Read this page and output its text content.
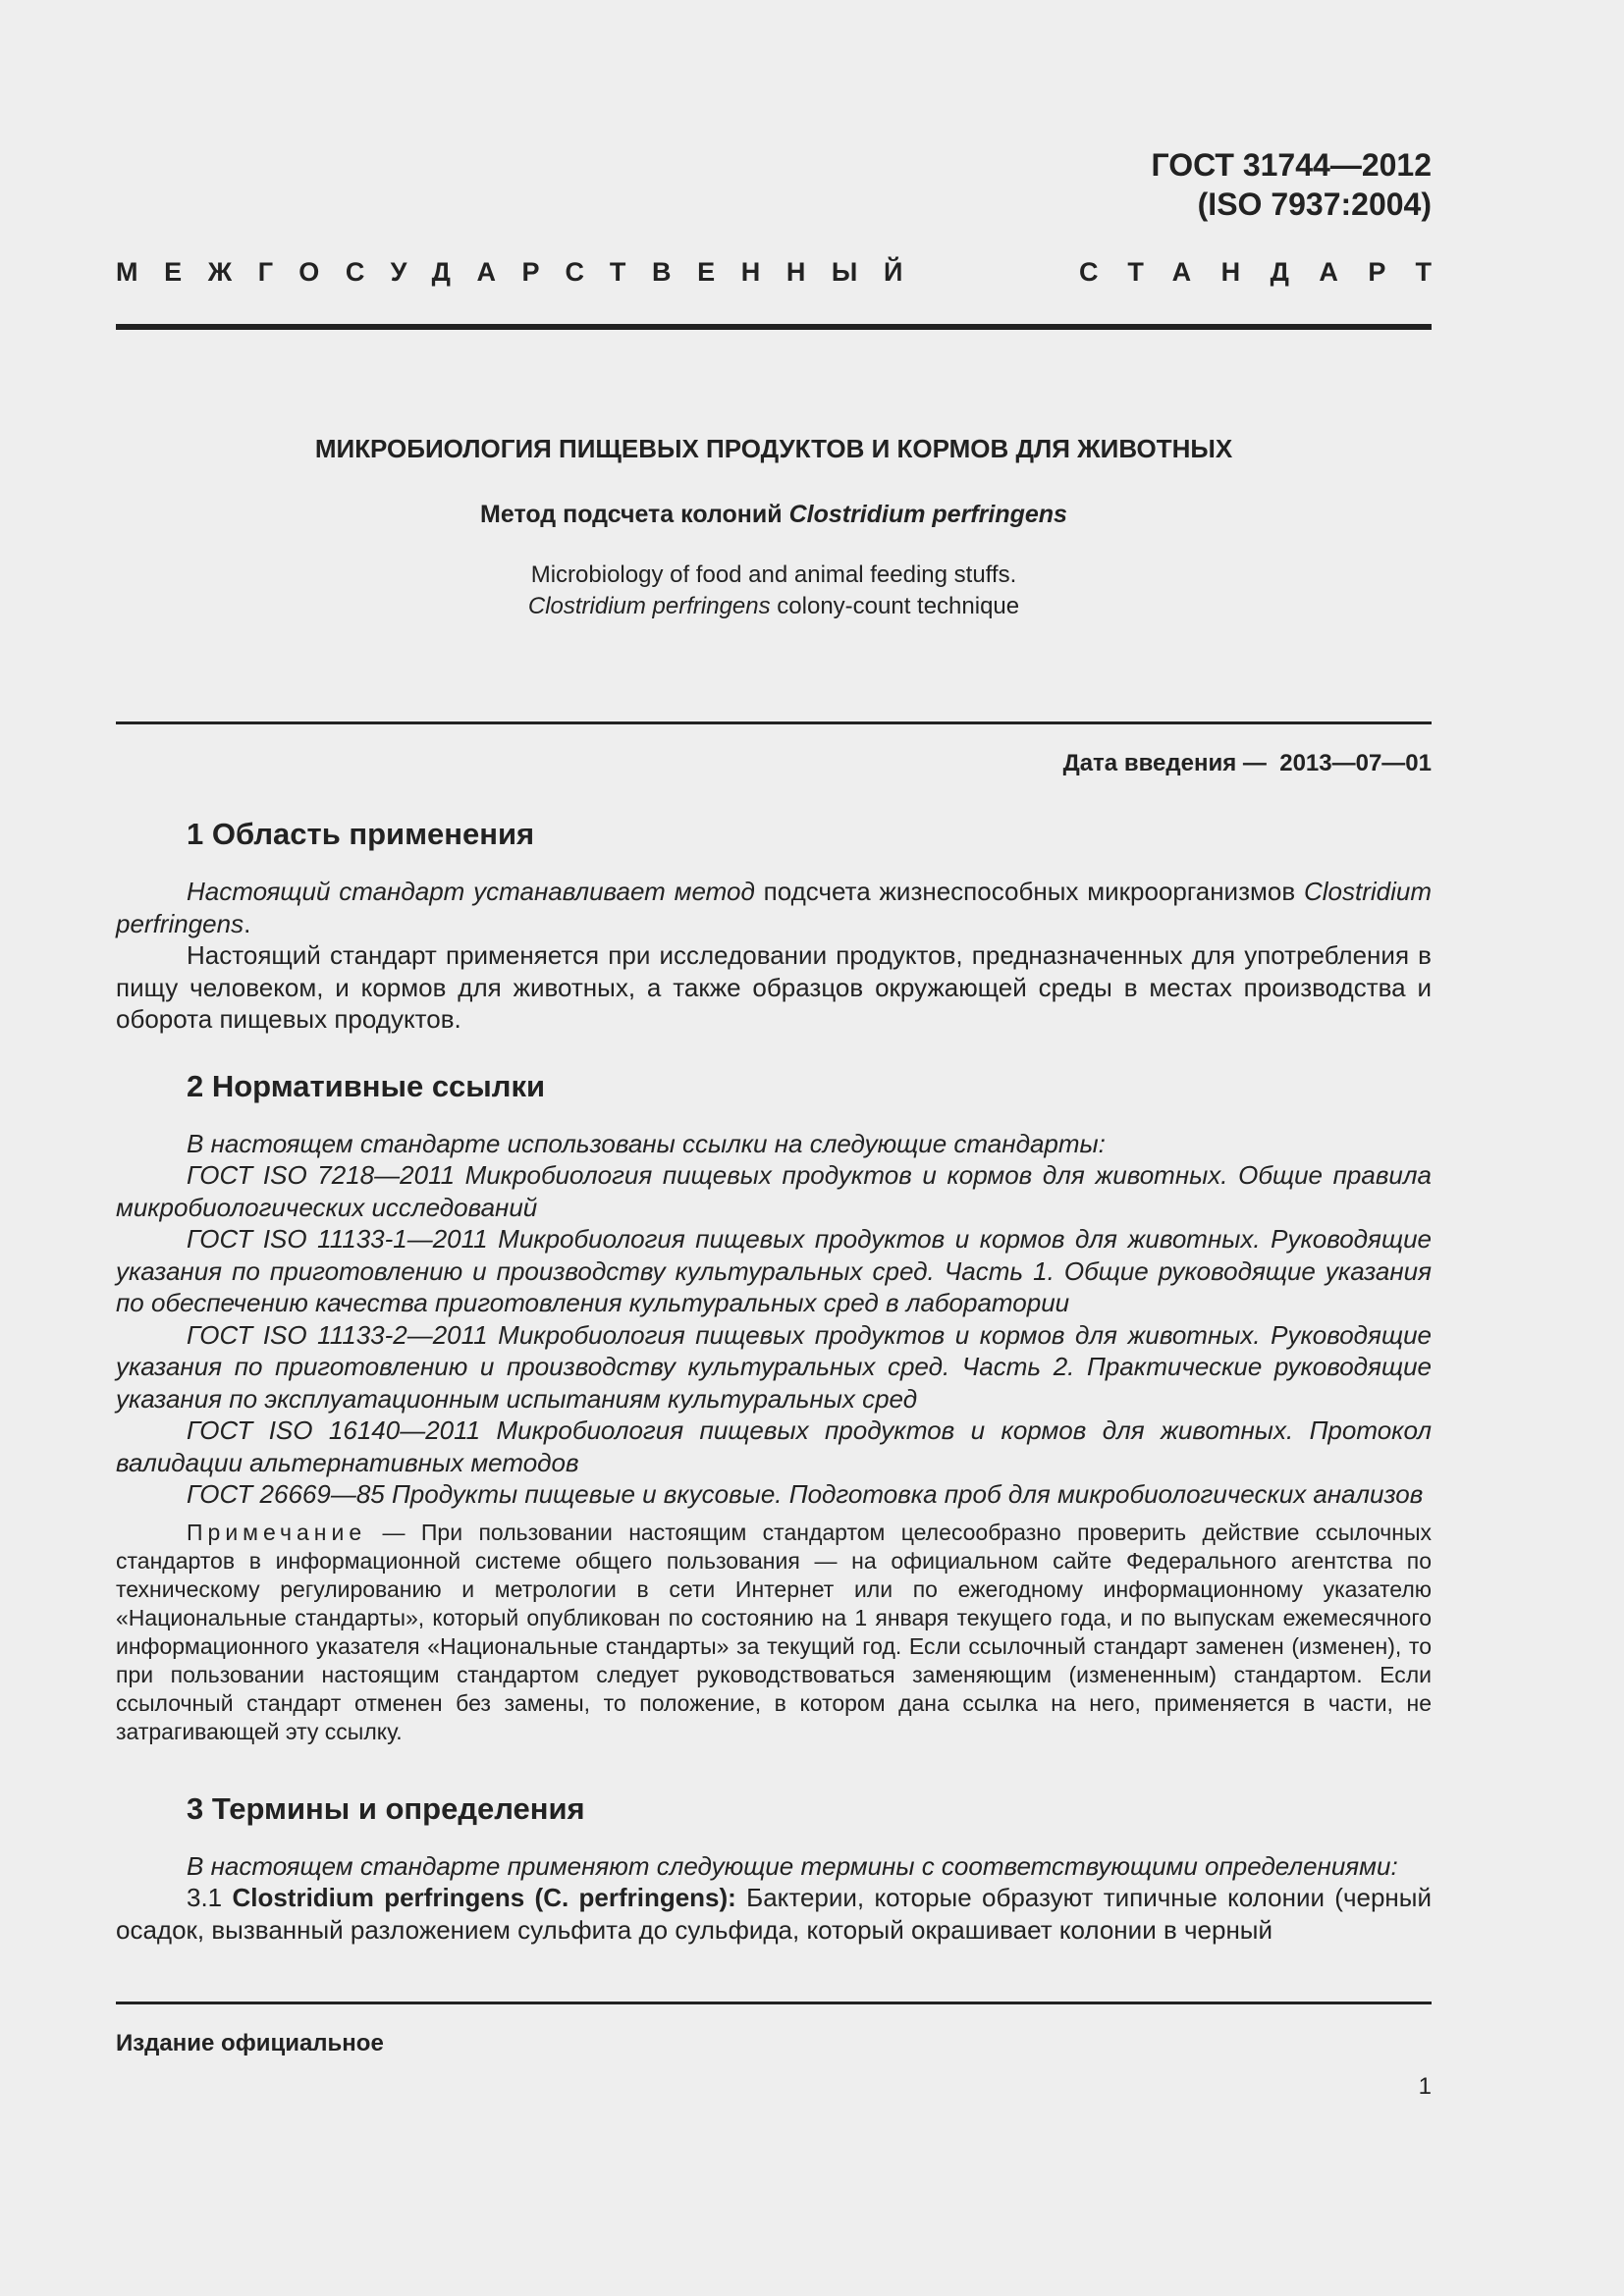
ГОСТ 31744—2012
(ISO 7937:2004)
МЕЖГОСУДАРСТВЕННЫЙ	СТАНДАРТ
МИКРОБИОЛОГИЯ ПИЩЕВЫХ ПРОДУКТОВ И КОРМОВ ДЛЯ ЖИВОТНЫХ
Метод подсчета колоний Clostridium perfringens
Microbiology of food and animal feeding stuffs.
Clostridium perfringens colony-count technique
Дата введения — 2013—07—01
1 Область применения

Настоящий стандарт устанавливает метод подсчета жизнеспособных микроорганизмов Clostridium perfringens.

Настоящий стандарт применяется при исследовании продуктов, предназначенных для употребления в пищу человеком, и кормов для животных, а также образцов окружающей среды в местах производства и оборота пищевых продуктов.

2 Нормативные ссылки

В настоящем стандарте использованы ссылки на следующие стандарты:

ГОСТ ISO 7218—2011 Микробиология пищевых продуктов и кормов для животных. Общие правила микробиологических исследований

ГОСТ ISO 11133-1—2011 Микробиология пищевых продуктов и кормов для животных. Руководящие указания по приготовлению и производству культуральных сред. Часть 1. Общие руководящие указания по обеспечению качества приготовления культуральных сред в лаборатории

ГОСТ ISO 11133-2—2011 Микробиология пищевых продуктов и кормов для животных. Руководящие указания по приготовлению и производству культуральных сред. Часть 2. Практические руководящие указания по эксплуатационным испытаниям культуральных сред

ГОСТ ISO 16140—2011 Микробиология пищевых продуктов и кормов для животных. Протокол валидации альтернативных методов

ГОСТ 26669—85 Продукты пищевые и вкусовые. Подготовка проб для микробиологических анализов

Примечание — При пользовании настоящим стандартом целесообразно проверить действие ссылочных стандартов в информационной системе общего пользования — на официальном сайте Федерального агентства по техническому регулированию и метрологии в сети Интернет или по ежегодному информационному указателю «Национальные стандарты», который опубликован по состоянию на 1 января текущего года, и по выпускам ежемесячного информационного указателя «Национальные стандарты» за текущий год. Если ссылочный стандарт заменен (изменен), то при пользовании настоящим стандартом следует руководствоваться заменяющим (измененным) стандартом. Если ссылочный стандарт отменен без замены, то положение, в котором дана ссылка на него, применяется в части, не затрагивающей эту ссылку.

3 Термины и определения

В настоящем стандарте применяют следующие термины с соответствующими определениями:

3.1 Clostridium perfringens (C. perfringens): Бактерии, которые образуют типичные колонии (черный осадок, вызванный разложением сульфита до сульфида, который окрашивает колонии в черный

Издание официальное
1
